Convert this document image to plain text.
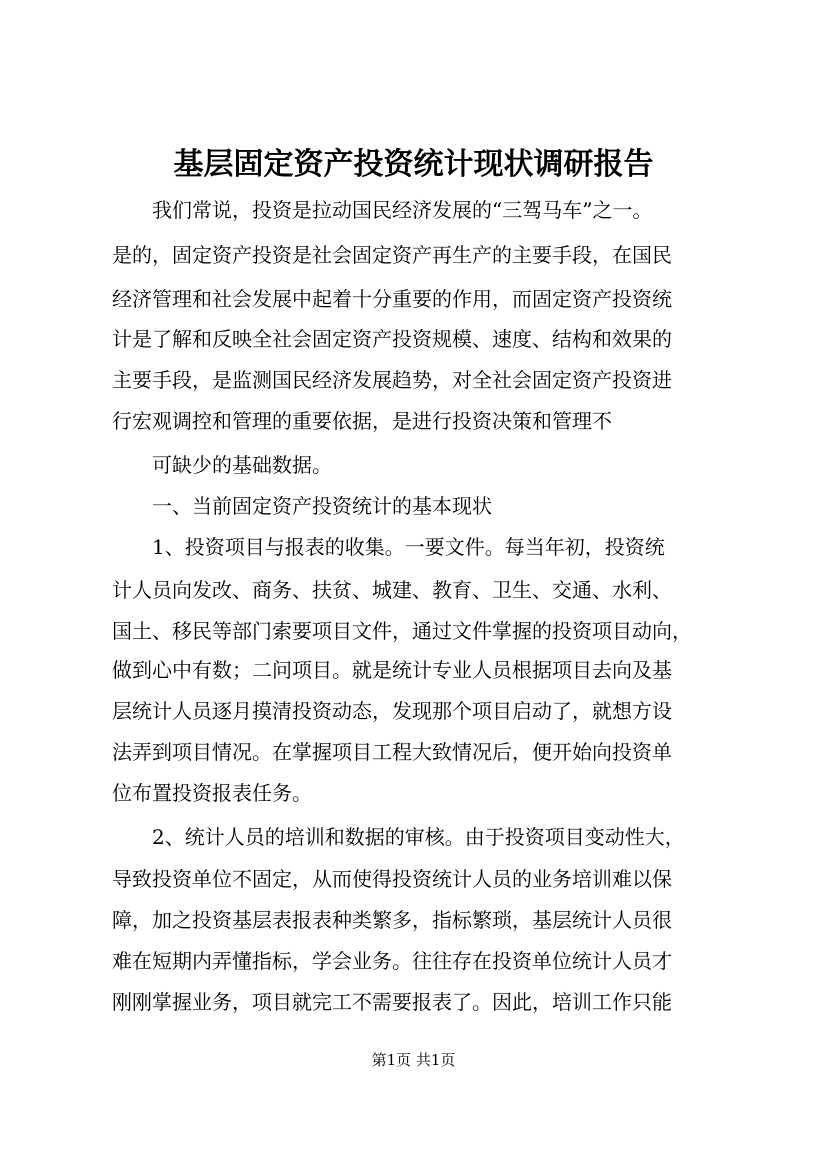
基层固定资产投资统计现状调研报告
我们常说，投资是拉动国民经济发展的“三驾马车”之一。
是的，固定资产投资是社会固定资产再生产的主要手段，在国民
经济管理和社会发展中起着十分重要的作用，而固定资产投资统
计是了解和反映全社会固定资产投资规模、速度、结构和效果的
主要手段，是监测国民经济发展趋势，对全社会固定资产投资进
行宏观调控和管理的重要依据，是进行投资决策和管理不
可缺少的基础数据。
一、当前固定资产投资统计的基本现状
1、投资项目与报表的收集。一要文件。每当年初，投资统
计人员向发改、商务、扶贫、城建、教育、卫生、交通、水利、
国土、移民等部门索要项目文件，通过文件掌握的投资项目动向，
做到心中有数；二问项目。就是统计专业人员根据项目去向及基
层统计人员逐月摸清投资动态，发现那个项目启动了，就想方设
法弄到项目情况。在掌握项目工程大致情况后，便开始向投资单
位布置投资报表任务。
2、统计人员的培训和数据的审核。由于投资项目变动性大，
导致投资单位不固定，从而使得投资统计人员的业务培训难以保
障，加之投资基层表报表种类繁多，指标繁琐，基层统计人员很
难在短期内弄懂指标，学会业务。往往存在投资单位统计人员才
刚刚掌握业务，项目就完工不需要报表了。因此，培训工作只能
第1页 共1页
